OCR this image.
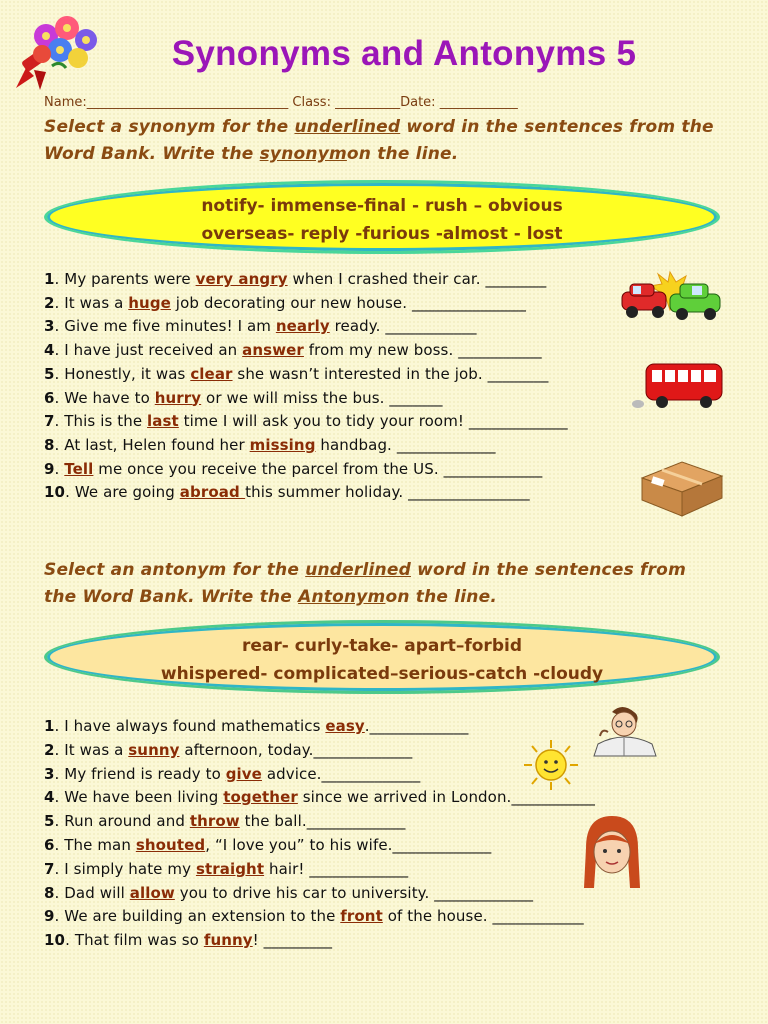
Synonyms and Antonyms 5
Name:_______________________________ Class: __________Date: ____________
Select a synonym for the underlined word in the sentences from the Word Bank. Write the synonymon the line.
notify- immense-final - rush – obvious
overseas- reply -furious -almost - lost
1. My parents were very angry when I crashed their car. ________
2. It was a huge job decorating our new house. _______________
3. Give me five minutes! I am nearly ready. ____________
4. I have just received an answer from my new boss. ___________
5. Honestly, it was clear she wasn’t interested in the job. ________
6. We have to hurry or we will miss the bus. _______
7. This is the last time I will ask you to tidy your room! _____________
8. At last, Helen found her missing handbag. _____________
9. Tell me once you receive the parcel from the US. _____________
10. We are going abroad this summer holiday. ________________
Select an antonym for the underlined word in the sentences from the Word Bank. Write the Antonymon the line.
rear- curly-take- apart–forbid
whispered- complicated–serious-catch -cloudy
1. I have always found mathematics easy._____________
2. It was a sunny afternoon, today._____________
3. My friend is ready to give advice._____________
4. We have been living together since we arrived in London.___________
5. Run around and throw the ball._____________
6. The man shouted, “I love you” to his wife._____________
7. I simply hate my straight hair! _____________
8. Dad will allow you to drive his car to university. _____________
9. We are building an extension to the front of the house. ____________
10. That film was so funny! _________
